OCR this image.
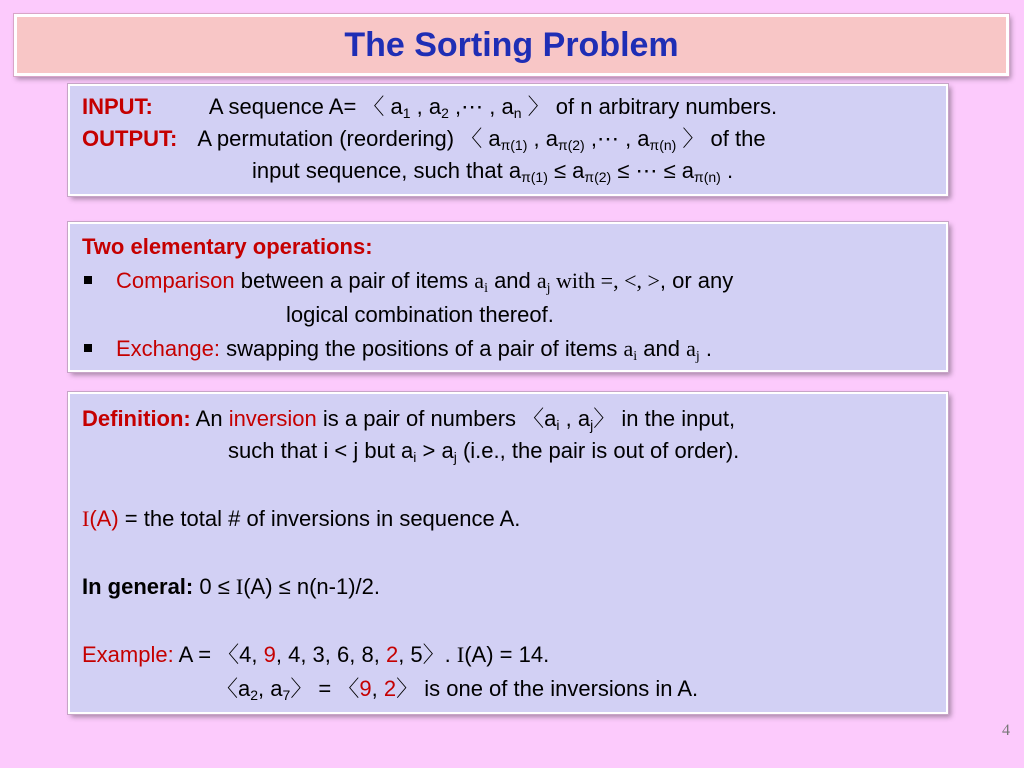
The Sorting Problem
INPUT:	A sequence A= 〈 $a_1$ , $a_2$ ,⋯ , $a_n$ 〉 of n arbitrary numbers.
OUTPUT: A permutation (reordering) 〈 $a_{\pi(1)}$ , $a_{\pi(2)}$ ,⋯ , $a_{\pi(n)}$ 〉 of the
input sequence, such that $a_{\pi(1)} \le a_{\pi(2)}$ ≤ ⋯ ≤ $a_{\pi(n)}$ .
Two elementary operations:
Comparison between a pair of items $a_i$ and $a_j$ with =, <, >, or any
logical combination thereof.
Exchange: swapping the positions of a pair of items $a_i$ and $a_j$ .
Definition: An inversion is a pair of numbers 〈$a_i$ , $a_j$〉 in the input,
such that i < j but $a_i > a_j$ (i.e., the pair is out of order).
I(A) = the total # of inversions in sequence A.
In general: 0 ≤ I(A) ≤ n(n-1)/2.
Example: A = 〈4, 9, 4, 3, 6, 8, 2, 5〉. I(A) = 14.
〈$a_2$, $a_7$〉 = 〈9, 2〉 is one of the inversions in A.
4
